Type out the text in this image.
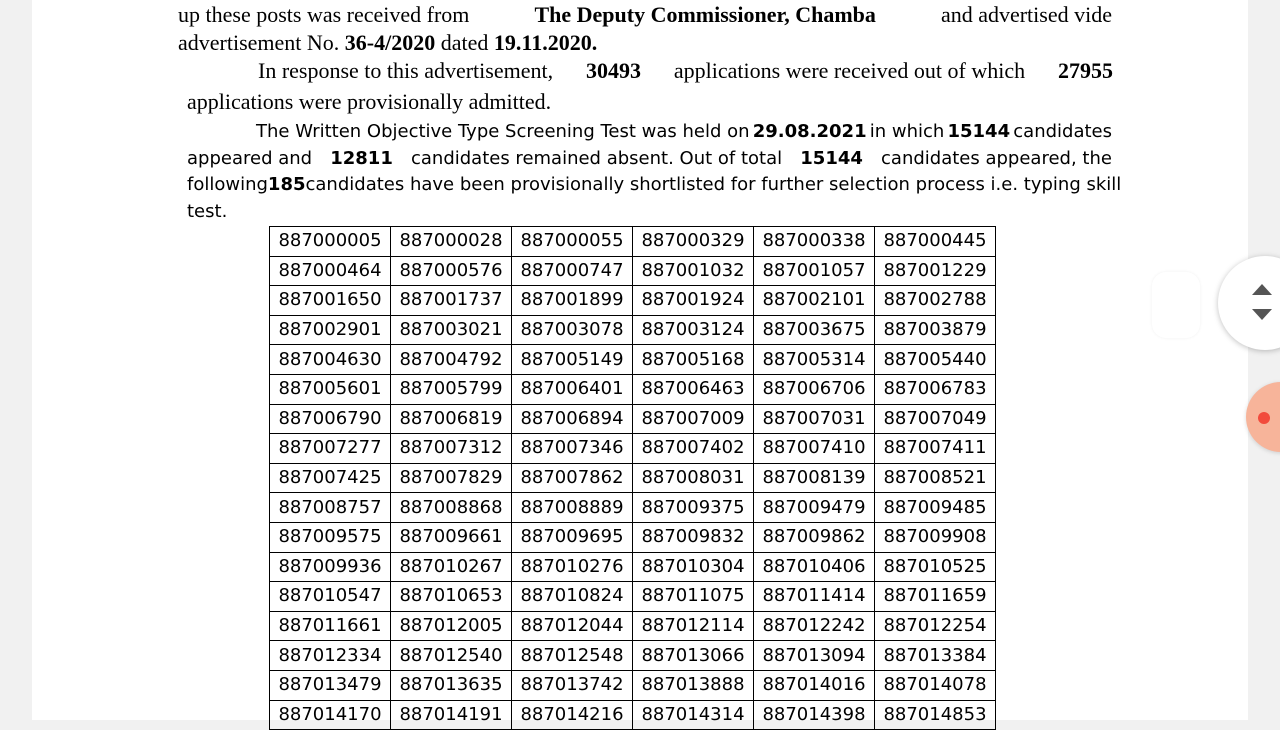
up these posts was received from	The Deputy Commissioner, Chamba	and advertised vide
advertisement No. 36-4/2020 dated 19.11.2020.
In response to this advertisement, 30493 applications were received out of which 27955
applications were provisionally admitted.
The Written Objective Type Screening Test was held on 29.08.2021 in which 15144 candidates
appeared and 12811 candidates remained absent. Out of total 15144 candidates appeared, the
following 185 candidates have been provisionally shortlisted for further selection process i.e. typing skill
test.
887000005	887000028	887000055	887000329	887000338	887000445
887000464	887000576	887000747	887001032	887001057	887001229
887001650	887001737	887001899	887001924	887002101	887002788
887002901	887003021	887003078	887003124	887003675	887003879
887004630	887004792	887005149	887005168	887005314	887005440
887005601	887005799	887006401	887006463	887006706	887006783
887006790	887006819	887006894	887007009	887007031	887007049
887007277	887007312	887007346	887007402	887007410	887007411
887007425	887007829	887007862	887008031	887008139	887008521
887008757	887008868	887008889	887009375	887009479	887009485
887009575	887009661	887009695	887009832	887009862	887009908
887009936	887010267	887010276	887010304	887010406	887010525
887010547	887010653	887010824	887011075	887011414	887011659
887011661	887012005	887012044	887012114	887012242	887012254
887012334	887012540	887012548	887013066	887013094	887013384
887013479	887013635	887013742	887013888	887014016	887014078
887014170	887014191	887014216	887014314	887014398	887014853
